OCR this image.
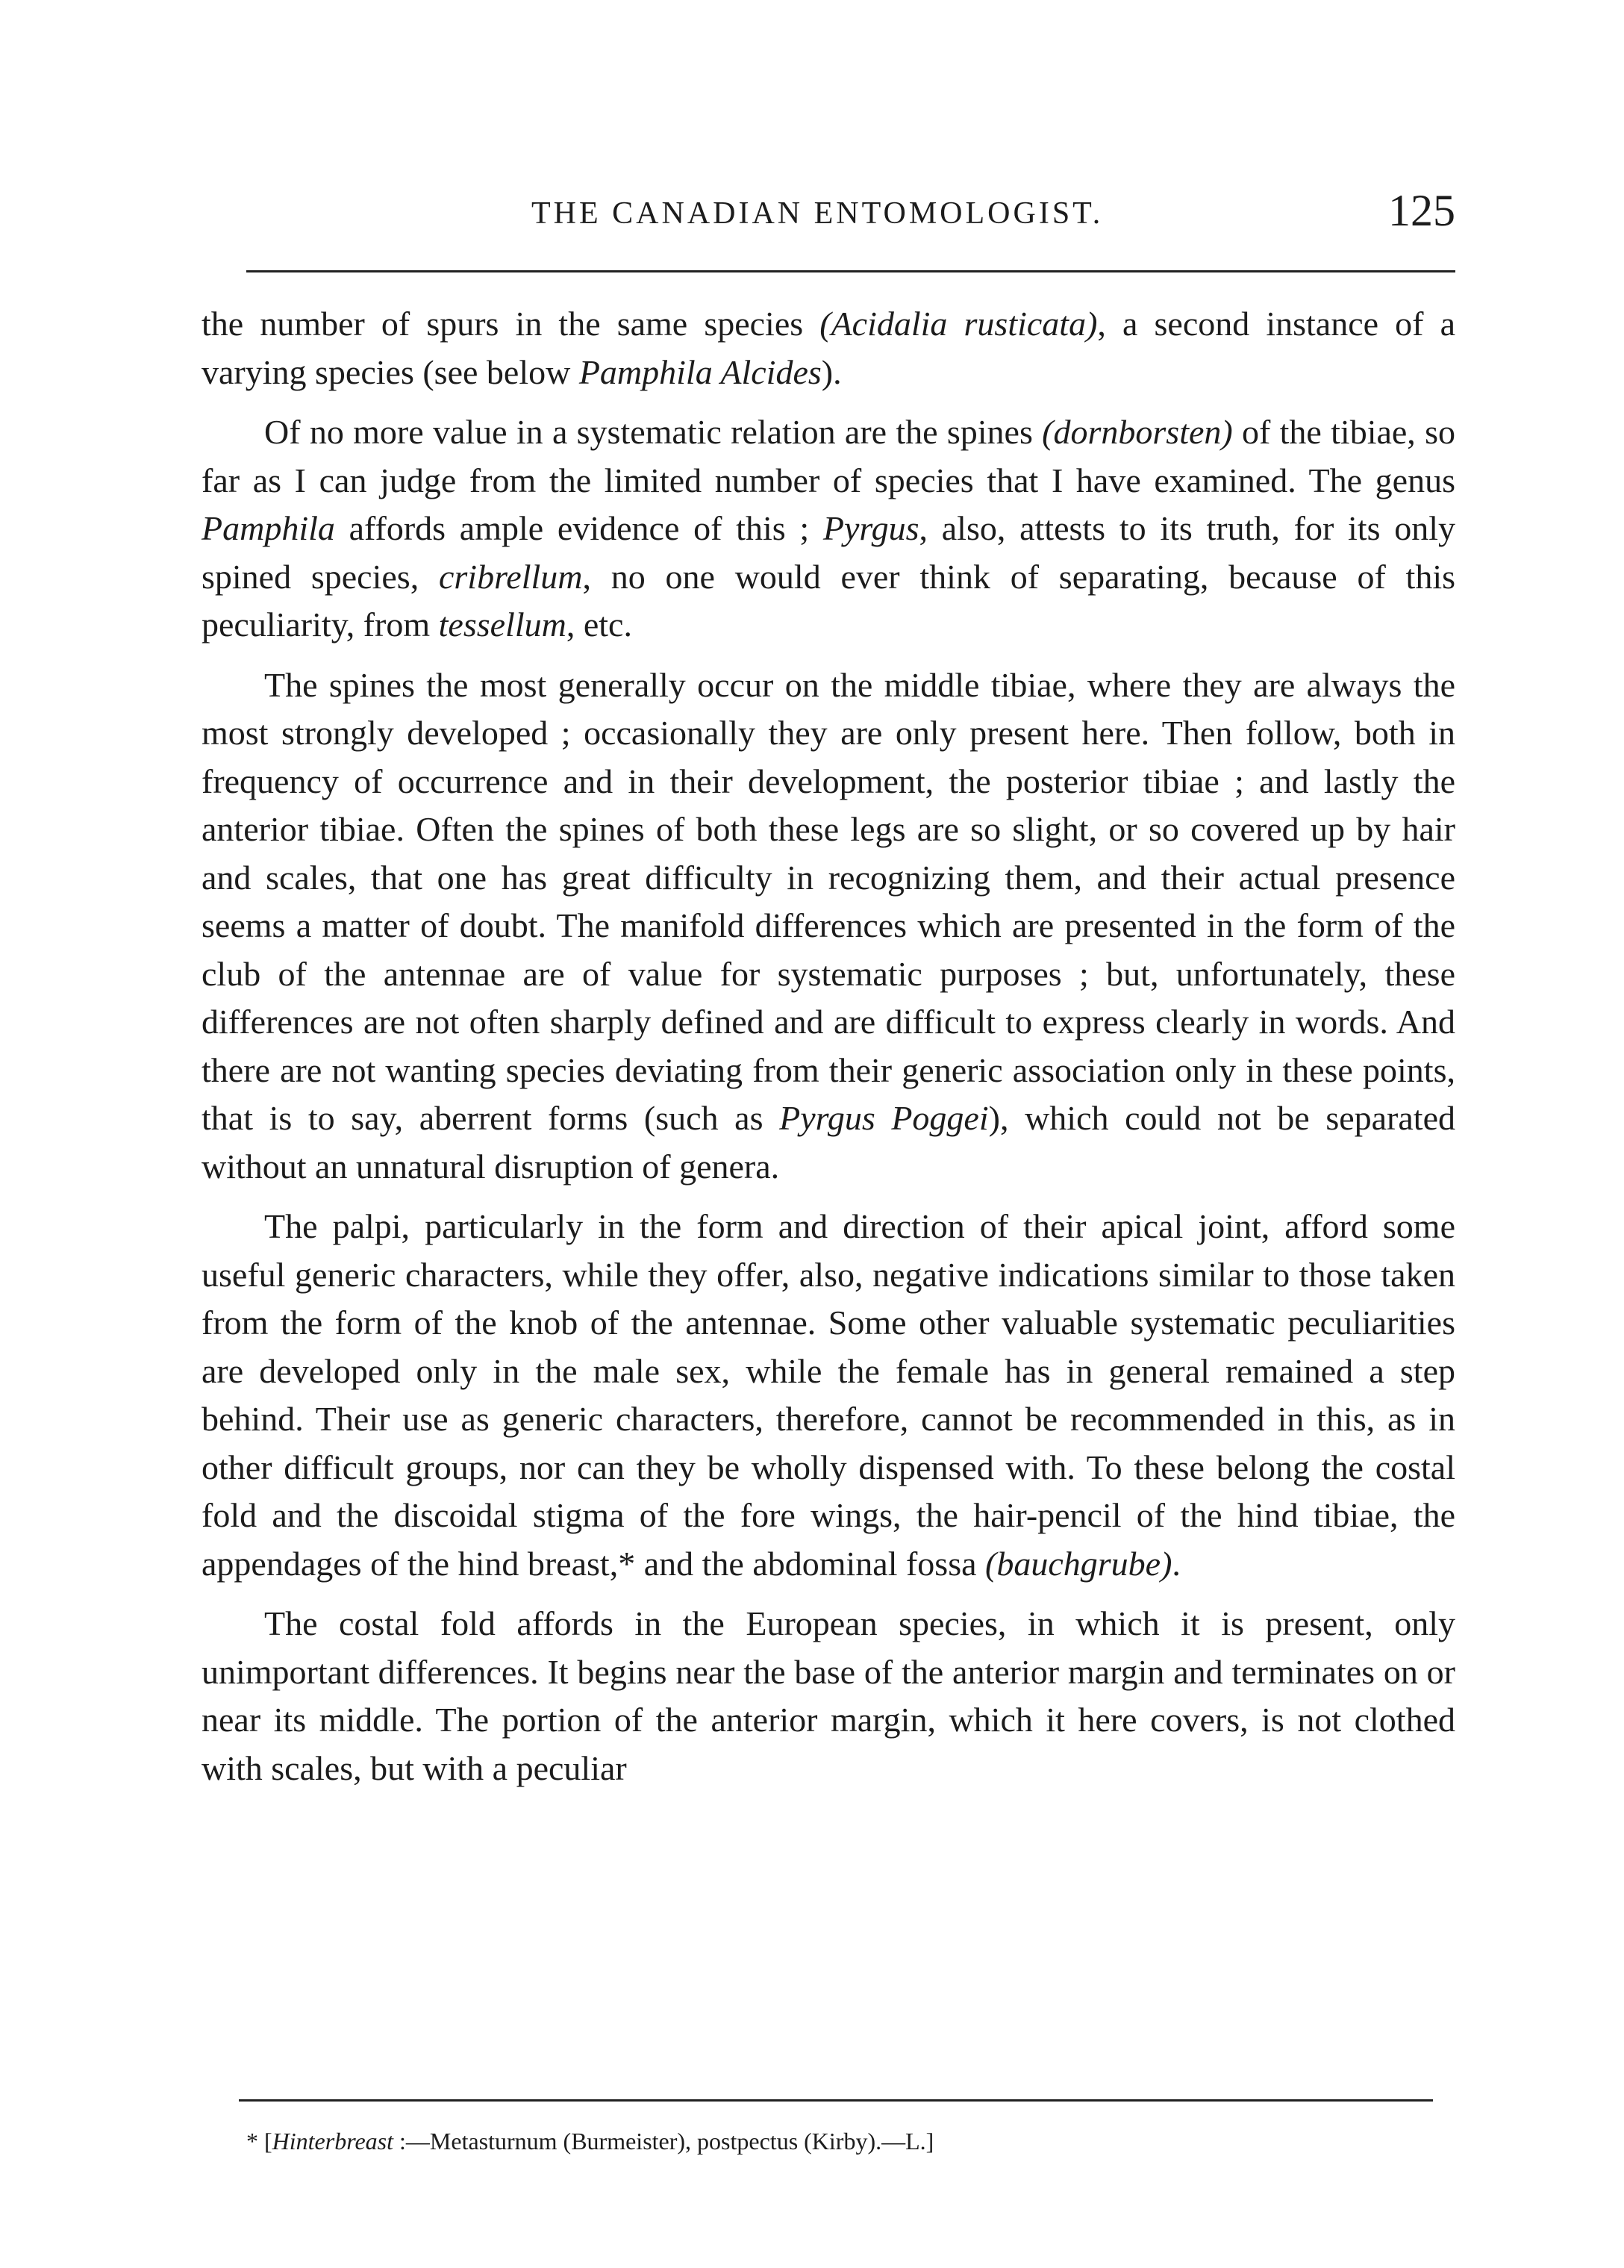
THE CANADIAN ENTOMOLOGIST.	125

the number of spurs in the same species (Acidalia rusticata), a second instance of a varying species (see below Pamphila Alcides).

Of no more value in a systematic relation are the spines (dornborsten) of the tibiae, so far as I can judge from the limited number of species that I have examined. The genus Pamphila affords ample evidence of this ; Pyrgus, also, attests to its truth, for its only spined species, cribrellum, no one would ever think of separating, because of this peculiarity, from tessellum, etc.

The spines the most generally occur on the middle tibiae, where they are always the most strongly developed ; occasionally they are only present here. Then follow, both in frequency of occurrence and in their development, the posterior tibiae ; and lastly the anterior tibiae. Often the spines of both these legs are so slight, or so covered up by hair and scales, that one has great difficulty in recognizing them, and their actual presence seems a matter of doubt. The manifold differences which are presented in the form of the club of the antennae are of value for systematic purposes ; but, unfortunately, these differences are not often sharply defined and are difficult to express clearly in words. And there are not wanting species deviating from their generic association only in these points, that is to say, aberrent forms (such as Pyrgus Poggei), which could not be separated without an unnatural disruption of genera.

The palpi, particularly in the form and direction of their apical joint, afford some useful generic characters, while they offer, also, negative indications similar to those taken from the form of the knob of the antennae. Some other valuable systematic peculiarities are developed only in the male sex, while the female has in general remained a step behind. Their use as generic characters, therefore, cannot be recommended in this, as in other difficult groups, nor can they be wholly dispensed with. To these belong the costal fold and the discoidal stigma of the fore wings, the hair-pencil of the hind tibiae, the appendages of the hind breast,* and the abdominal fossa (bauchgrube).

The costal fold affords in the European species, in which it is present, only unimportant differences. It begins near the base of the anterior margin and terminates on or near its middle. The portion of the anterior margin, which it here covers, is not clothed with scales, but with a peculiar

* [Hinterbreast :—Metasturnum (Burmeister), postpectus (Kirby).—L.]
